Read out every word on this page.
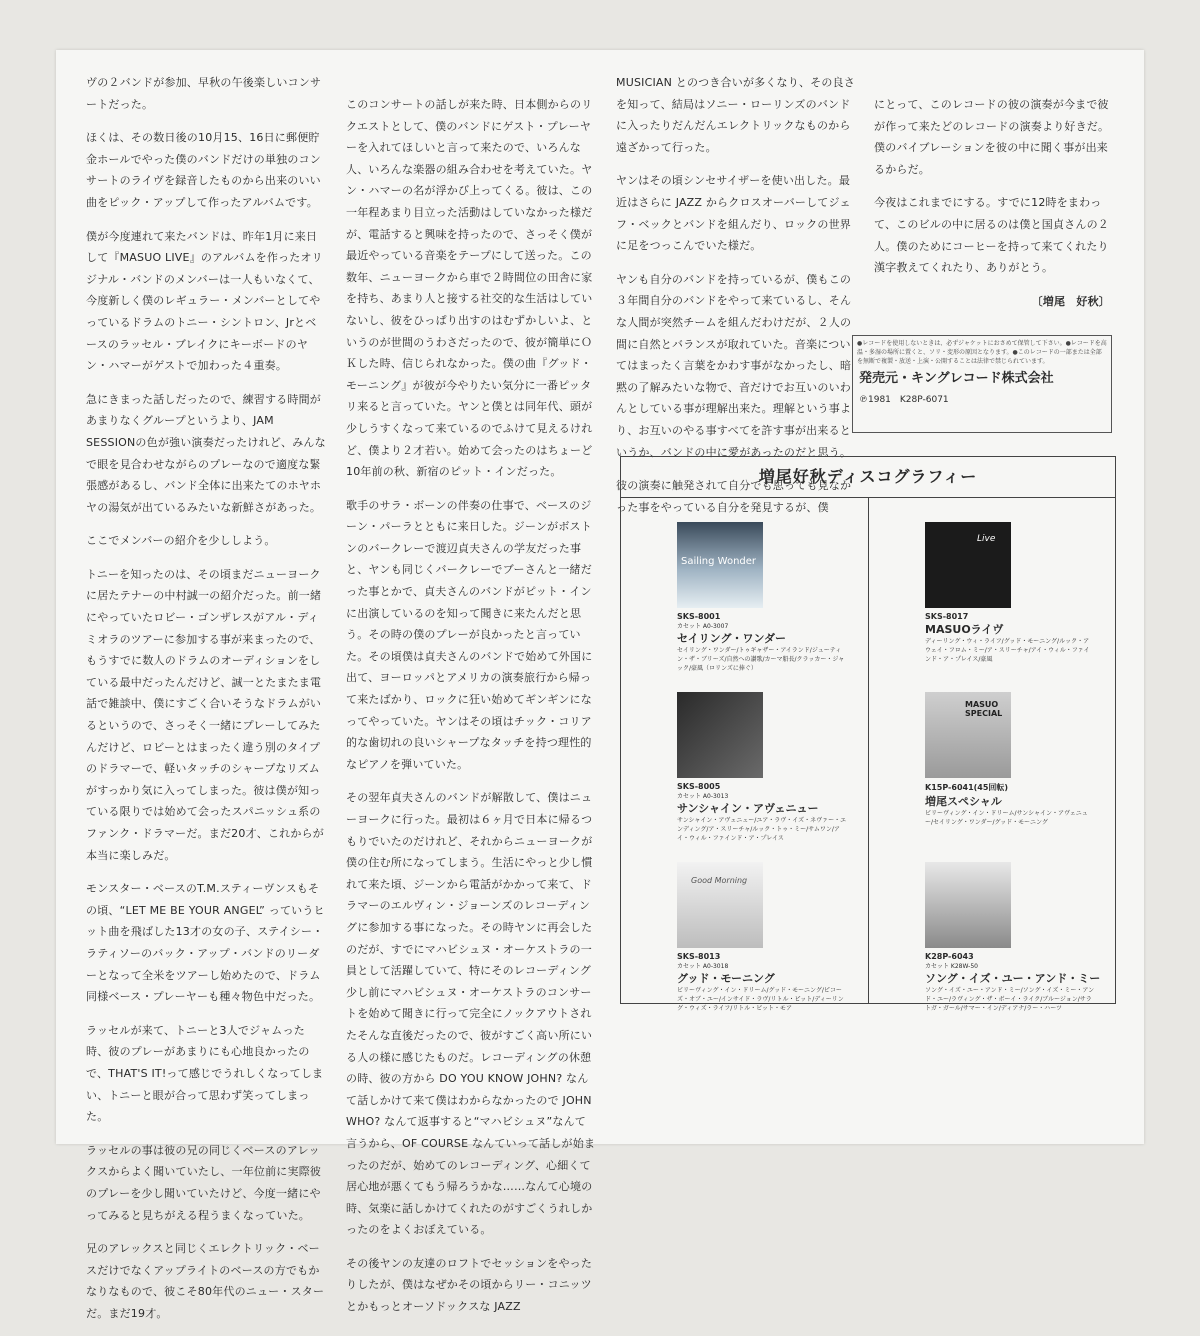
ヴの２バンドが参加、早秋の午後楽しいコンサートだった。

ほくは、その数日後の10月15、16日に郵便貯金ホールでやった僕のバンドだけの単独のコンサートのライヴを録音したものから出来のいい曲をピック・アップして作ったアルバムです。

僕が今度連れて来たバンドは、昨年1月に来日して『MASUO LIVE』のアルバムを作ったオリジナル・バンドのメンバーは一人もいなくて、今度新しく僕のレギュラー・メンバーとしてやっているドラムのトニー・シントロン、Jrとベースのラッセル・ブレイクにキーボードのヤン・ハマーがゲストで加わった４重奏。

急にきまった話しだったので、練習する時間があまりなくグループというより、JAM SESSIONの色が強い演奏だったけれど、みんなで眼を見合わせながらのプレーなので適度な緊張感があるし、バンド全体に出来たてのホヤホヤの湯気が出ているみたいな新鮮さがあった。

ここでメンバーの紹介を少ししよう。

トニーを知ったのは、その頃まだニューヨークに居たテナーの中村誠一の紹介だった。前一緒にやっていたロビー・ゴンザレスがアル・ディミオラのツアーに参加する事が来まったので、もうすでに数人のドラムのオーディションをしている最中だったんだけど、誠一とたまたま電話で雑談中、僕にすごく合いそうなドラムがいるというので、さっそく一緒にプレーしてみたんだけど、ロビーとはまったく違う別のタイプのドラマーで、軽いタッチのシャープなリズムがすっかり気に入ってしまった。彼は僕が知っている限りでは始めて会ったスパニッシュ系のファンク・ドラマーだ。まだ20才、これからが本当に楽しみだ。

モンスター・ベースのT.M.スティーヴンスもその頃、“LET ME BE YOUR ANGEL” っていうヒット曲を飛ばした13才の女の子、ステイシー・ラティソーのバック・アップ・バンドのリーダーとなって全米をツアーし始めたので、ドラム同様ベース・プレーヤーも種々物色中だった。

ラッセルが来て、トニーと3人でジャムった時、彼のプレーがあまりにも心地良かったので、THAT'S IT!って感じでうれしくなってしまい、トニーと眼が合って思わず笑ってしまった。

ラッセルの事は彼の兄の同じくベースのアレックスからよく聞いていたし、一年位前に実際彼のプレーを少し聞いていたけど、今度一緒にやってみると見ちがえる程うまくなっていた。

兄のアレックスと同じくエレクトリック・ベースだけでなくアップライトのベースの方でもかなりなもので、彼こそ80年代のニュー・スターだ。まだ19才。

このコンサートの話しが来た時、日本側からのリクエストとして、僕のバンドにゲスト・プレーヤーを入れてほしいと言って来たので、いろんな人、いろんな楽器の組み合わせを考えていた。ヤン・ハマーの名が浮かび上ってくる。彼は、この一年程あまり目立った活動はしていなかった様だが、電話すると興味を持ったので、さっそく僕が最近やっている音楽をテープにして送った。この数年、ニューヨークから車で２時間位の田舎に家を持ち、あまり人と接する社交的な生活はしていないし、彼をひっぱり出すのはむずかしいよ、というのが世間のうわさだったので、彼が簡単にＯＫした時、信じられなかった。僕の曲『グッド・モーニング』が彼が今やりたい気分に一番ピッタリ来ると言っていた。ヤンと僕とは同年代、頭が少しうすくなって来ているのでふけて見えるけれど、僕より２才若い。始めて会ったのはちょーど10年前の秋、新宿のピット・インだった。

歌手のサラ・ボーンの伴奏の仕事で、ベースのジーン・パーラとともに来日した。ジーンがボストンのバークレーで渡辺貞夫さんの学友だった事と、ヤンも同じくバークレーでブーさんと一緒だった事とかで、貞夫さんのバンドがピット・インに出演しているのを知って聞きに来たんだと思う。その時の僕のプレーが良かったと言っていた。その頃僕は貞夫さんのバンドで始めて外国に出て、ヨーロッパとアメリカの演奏旅行から帰って来たばかり、ロックに狂い始めてギンギンになってやっていた。ヤンはその頃はチック・コリア的な歯切れの良いシャープなタッチを持つ理性的なピアノを弾いていた。

その翌年貞夫さんのバンドが解散して、僕はニューヨークに行った。最初は６ヶ月で日本に帰るつもりでいたのだけれど、それからニューヨークが僕の住む所になってしまう。生活にやっと少し慣れて来た頃、ジーンから電話がかかって来て、ドラマーのエルヴィン・ジョーンズのレコーディングに参加する事になった。その時ヤンに再会したのだが、すでにマハビシュヌ・オーケストラの一員として活躍していて、特にそのレコーディング少し前にマハビシュヌ・オーケストラのコンサートを始めて聞きに行って完全にノックアウトされたそんな直後だったので、彼がすごく高い所にいる人の様に感じたものだ。レコーディングの休憩の時、彼の方から DO YOU KNOW JOHN? なんて話しかけて来て僕はわからなかったので JOHN WHO? なんて返事すると“マハビシュヌ”なんて言うから、OF COURSE なんていって話しが始まったのだが、始めてのレコーディング、心細くて居心地が悪くてもう帰ろうかな……なんて心境の時、気楽に話しかけてくれたのがすごくうれしかったのをよくおぼえている。

その後ヤンの友達のロフトでセッションをやったりしたが、僕はなぜかその頃からリー・コニッツとかもっとオーソドックスな JAZZ

MUSICIAN とのつき合いが多くなり、その良さを知って、結局はソニー・ローリンズのバンドに入ったりだんだんエレクトリックなものから遠ざかって行った。

ヤンはその頃シンセサイザーを使い出した。最近はさらに JAZZ からクロスオーバーしてジェフ・ベックとバンドを組んだり、ロックの世界に足をつっこんでいた様だ。

ヤンも自分のバンドを持っているが、僕もこの３年間自分のバンドをやって来ているし、そんな人間が突然チームを組んだわけだが、２人の間に自然とバランスが取れていた。音楽についてはまったく言葉をかわす事がなかったし、暗黙の了解みたいな物で、音だけでお互いのいわんとしている事が理解出来た。理解という事より、お互いのやる事すべてを許す事が出来るというか、バンドの中に愛があったのだと思う。

彼の演奏に触発されて自分でも思っても見なかった事をやっている自分を発見するが、僕

にとって、このレコードの彼の演奏が今まで彼が作って来たどのレコードの演奏より好きだ。僕のバイブレーションを彼の中に聞く事が出来るからだ。

今夜はこれまでにする。すでに12時をまわって、このビルの中に居るのは僕と国貞さんの２人。僕のためにコーヒーを持って来てくれたり漢字教えてくれたり、ありがとう。

〔増尾　好秋〕

●レコードを使用しないときは、必ずジャケットにおさめて保管して下さい。●レコードを高温・多湿の場所に置くと、ソリ・変形の原因となります。●このレコードの一部または全部を無断で複製・放送・上演・公開することは法律で禁じられています。
発売元・キングレコード株式会社
℗1981　K28P-6071
増尾好秋ディスコグラフィー
Sailing Wonder
SKS-8001
カセット A0-3007
セイリング・ワンダー
セイリング・ワンダー/トゥギャザー・アイランド/ジューティン・ザ・ブリーズ/自然への讃歌/カーマ船長/クラッカー・ジャック/豪風（ロリンズに捧ぐ）
Live
SKS-8017
MASUOライヴ
ディーリング・ウィ・ライフ/グッド・モーニング/ルック・アウェイ・フロム・ミー/ア・スリーチャ/アイ・ウィル・ファインド・ア・プレイス/豪風
SKS-8005
カセット A0-3013
サンシャイン・アヴェニュー
サンシャイン・アヴェニュー/ユア・ラヴ・イズ・ネヴァー・エンディング/ア・スリーチャ/ルック・トゥ・ミー/サムワン/アイ・ウィル・ファインド・ア・プレイス
MASUO SPECIAL
K15P-6041(45回転)
増尾スペシャル
ビリーヴィング・イン・ドリーム/サンシャイン・アヴェニュー/セイリング・ワンダー/グッド・モーニング
Good Morning
SKS-8013
カセット A0-3018
グッド・モーニング
ビリーヴィング・イン・ドリーム/グッド・モーニング/ピコーズ・オブ・ユー/インサイド・ラヴ/リトル・ピット/ディーリング・ウィズ・ライフ/リトル・ビット・モア
K28P-6043
カセット K28W-50
ソング・イズ・ユー・アンド・ミー
ソング・イズ・ユー・アンド・ミー/ソング・イズ・ミー・アンド・ユー/ラヴィング・ザ・ボーイ・ライク/ブルージョン/サラトガ・ガール/サマー・イン/ディアナ/ラー・ハーツ
